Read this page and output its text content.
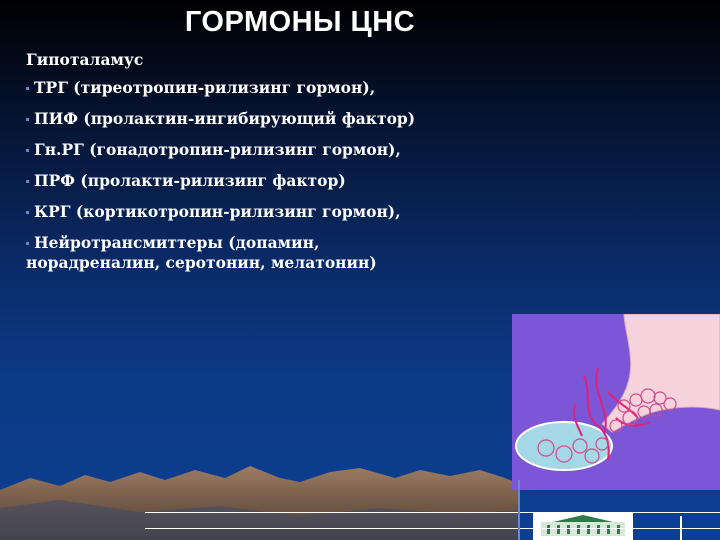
ГОРМОНЫ ЦНС
Гипоталамус
ТРГ (тиреотропин-рилизинг гормон),
ПИФ (пролактин-ингибирующий фактор)
Гн.РГ (гонадотропин-рилизинг гормон),
ПРФ (пролакти-рилизинг фактор)
КРГ (кортикотропин-рилизинг гормон),
Нейротрансмиттеры (допамин,
норадреналин, серотонин, мелатонин)
